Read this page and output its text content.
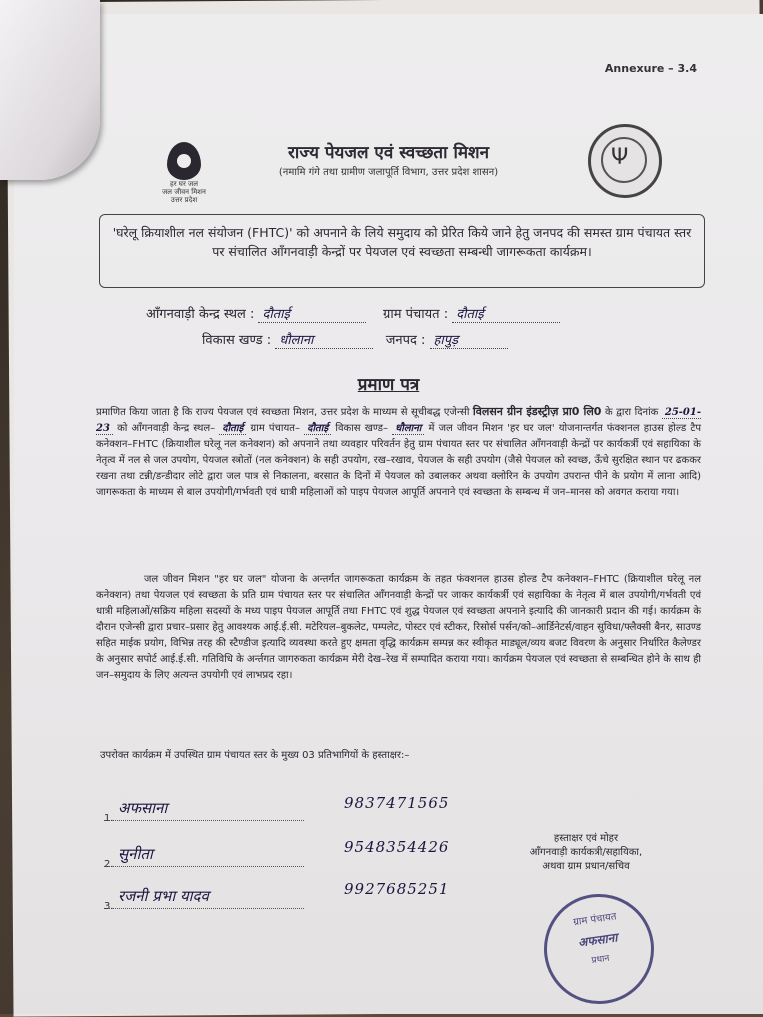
Annexure – 3.4
हर घर जल
जल जीवन मिशन
उत्तर प्रदेश
Ψ
राज्य पेयजल एवं स्वच्छता मिशन
(नमामि गंगे तथा ग्रामीण जलापूर्ति विभाग, उत्तर प्रदेश शासन)
'घरेलू क्रियाशील नल संयोजन (FHTC)' को अपनाने के लिये समुदाय को प्रेरित किये जाने हेतु जनपद की समस्त ग्राम पंचायत स्तर पर संचालित आँगनवाड़ी केन्द्रों पर पेयजल एवं स्वच्छता सम्बन्धी जागरूकता कार्यक्रम।
आँगनवाड़ी केन्द्र स्थल : दौताई	ग्राम पंचायत : दौताई
विकास खण्ड : धौलाना	जनपद : हापुड़
प्रमाण पत्र
प्रमाणित किया जाता है कि राज्य पेयजल एवं स्वच्छता मिशन, उत्तर प्रदेश के माध्यम से सूचीबद्ध एजेन्सी विलसन ग्रीन इंडस्ट्रीज़ प्रा0 लि0 के द्वारा दिनांक 25-01-23 को आँगनवाड़ी केन्द्र स्थल– दौताई ग्राम पंचायत– दौताई विकास खण्ड– धौलाना में जल जीवन मिशन 'हर घर जल' योजनान्तर्गत फंक्शनल हाउस होल्ड टैप कनेक्शन–FHTC (क्रियाशील घरेलू नल कनेक्शन) को अपनाने तथा व्यवहार परिवर्तन हेतु ग्राम पंचायत स्तर पर संचालित आँगनवाड़ी केन्द्रों पर कार्यकर्त्री एवं सहायिका के नेतृत्व में नल से जल उपयोग, पेयजल स्त्रोतों (नल कनेक्शन) के सही उपयोग, रख–रखाव, पेयजल के सही उपयोग (जैसे पेयजल को स्वच्छ, ऊँचे सुरक्षित स्थान पर ढककर रखना तथा टन्नी/डन्डीदार लोटे द्वारा जल पात्र से निकालना, बरसात के दिनों में पेयजल को उबालकर अथवा क्लोरिन के उपयोग उपरान्त पीने के प्रयोग में लाना आदि) जागरूकता के माध्यम से बाल उपयोगी/गर्भवती एवं धात्री महिलाओं को पाइप पेयजल आपूर्ति अपनाने एवं स्वच्छता के सम्बन्ध में जन–मानस को अवगत कराया गया।
जल जीवन मिशन "हर घर जल" योजना के अन्तर्गत जागरूकता कार्यक्रम के तहत फंक्शनल हाउस होल्ड टैप कनेक्शन–FHTC (क्रियाशील घरेलू नल कनेक्शन) तथा पेयजल एवं स्वच्छता के प्रति ग्राम पंचायत स्तर पर संचालित आँगनवाड़ी केन्द्रों पर जाकर कार्यकर्त्री एवं सहायिका के नेतृत्व में बाल उपयोगी/गर्भवती एवं धात्री महिलाओं/सक्रिय महिला सदस्यों के मध्य पाइप पेयजल आपूर्ति तथा FHTC एवं शुद्ध पेयजल एवं स्वच्छता अपनाने इत्यादि की जानकारी प्रदान की गई। कार्यक्रम के दौरान एजेन्सी द्वारा प्रचार–प्रसार हेतु आवश्यक आई.ई.सी. मटेरियल–बुकलेट, पम्पलेट, पोस्टर एवं स्टीकर, रिसोर्स पर्सन/को–आर्डिनेटर्स/वाहन सुविधा/फ्लैक्सी बैनर, साउण्ड सहित माईक प्रयोग, विभिन्न तरह की स्टैण्डीज इत्यादि व्यवस्था करते हुए क्षमता वृद्धि कार्यक्रम सम्पन्न कर स्वीकृत माड्यूल/व्यय बजट विवरण के अनुसार निर्धारित कैलेण्डर के अनुसार सपोर्ट आई.ई.सी. गतिविधि के अर्न्तगत जागरुकता कार्यक्रम मेरी देख–रेख में सम्पादित कराया गया। कार्यक्रम पेयजल एवं स्वच्छता से सम्बन्धित होने के साथ ही जन–समुदाय के लिए अत्यन्त उपयोगी एवं लाभप्रद रहा।
उपरोक्त कार्यक्रम में उपस्थित ग्राम पंचायत स्तर के मुख्य 03 प्रतिभागियों के हस्ताक्षर:–
1.
अफसाना	9837471565
2.
सुनीता	9548354426
3.
रजनी प्रभा यादव	9927685251
हस्ताक्षर एवं मोहर
आँगनवाड़ी कार्यकत्री/सहायिका,
अथवा ग्राम प्रधान/सचिव
ग्राम पंचायत
अफसाना
प्रधान
